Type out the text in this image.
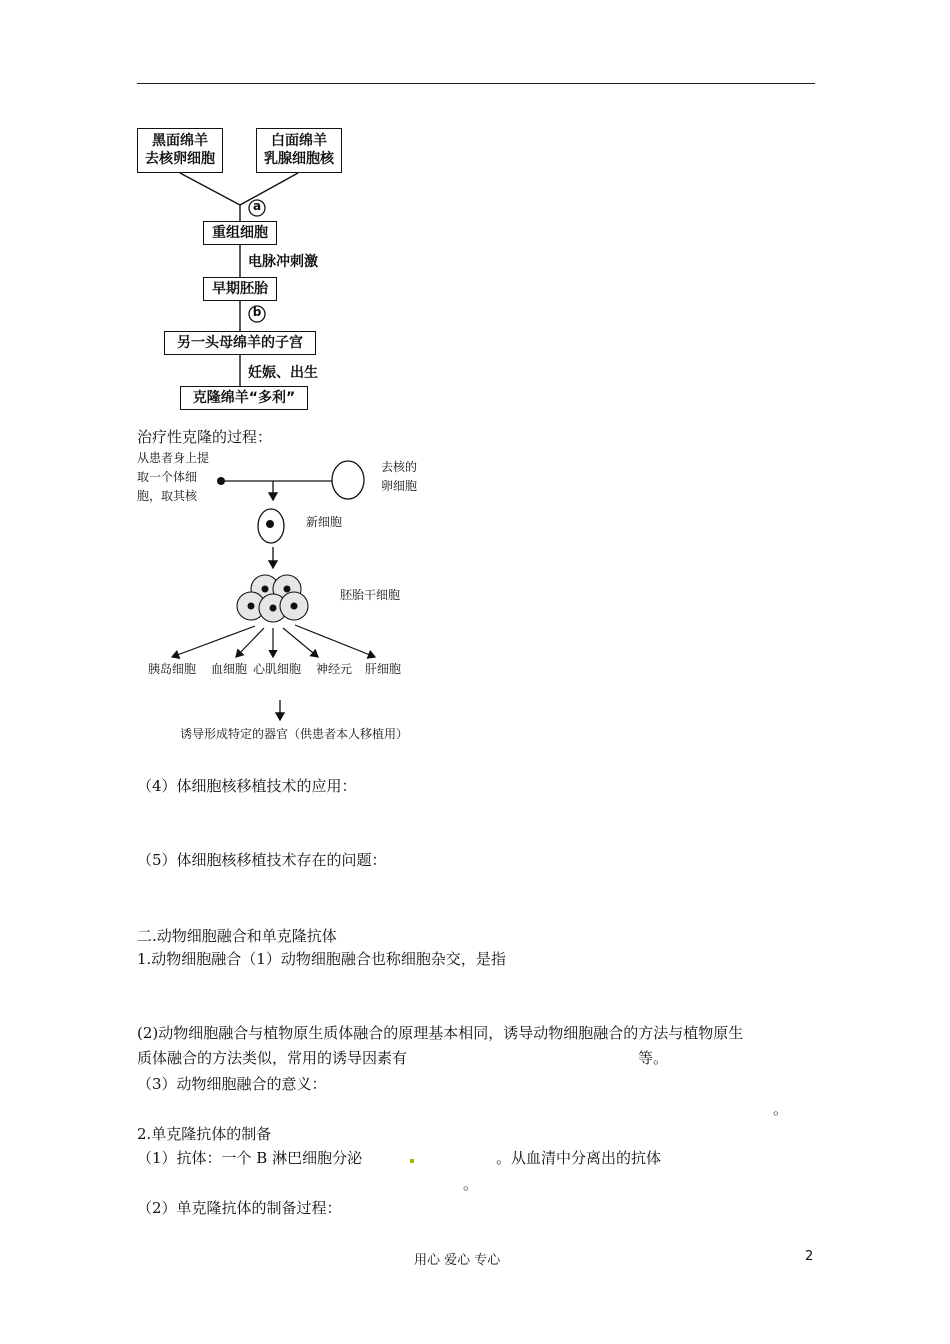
黑面绵羊
去核卵细胞
白面绵羊
乳腺细胞核
a
重组细胞
电脉冲刺激
早期胚胎
b
另一头母绵羊的子宫
妊娠、出生
克隆绵羊“多利”
治疗性克隆的过程：
从患者身上提
取一个体细
胞，取其核
去核的
卵细胞
新细胞
胚胎干细胞
胰岛细胞 血细胞 心肌细胞 神经元 肝细胞
诱导形成特定的器官（供患者本人移植用）
（4）体细胞核移植技术的应用：
（5）体细胞核移植技术存在的问题：
二.动物细胞融合和单克隆抗体
1.动物细胞融合（1）动物细胞融合也称细胞杂交，是指
(2)动物细胞融合与植物原生质体融合的原理基本相同，诱导动物细胞融合的方法与植物原生
质体融合的方法类似，常用的诱导因素有	等。
（3）动物细胞融合的意义：
。
2.单克隆抗体的制备
（1）抗体：一个 B 淋巴细胞分泌	。从血清中分离出的抗体
。
（2）单克隆抗体的制备过程：
用心 爱心 专心	2
